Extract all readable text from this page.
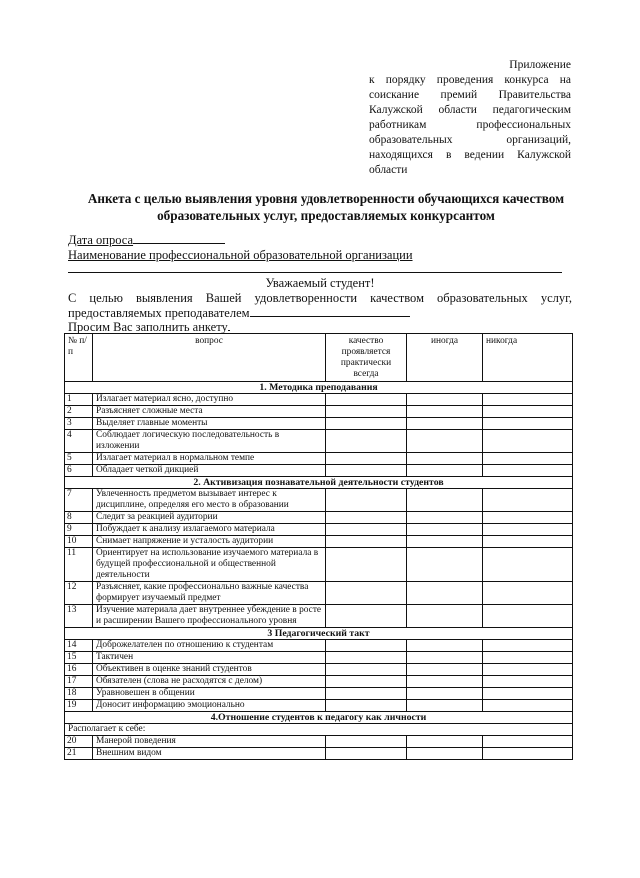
Приложение
к порядку проведения конкурса на
соискание премий Правительства
Калужской области педагогическим
работникам профессиональных
образовательных организаций,
находящихся в ведении Калужской
области
Анкета с целью выявления уровня удовлетворенности обучающихся качеством
образовательных услуг, предоставляемых конкурсантом
Дата опроса
Наименование профессиональной образовательной организации
Уважаемый студент!
С целью выявления Вашей удовлетворенности качеством образовательных услуг,
предоставляемых преподавателем
Просим Вас заполнить анкету
№ п/п	вопрос	качество проявляется практически всегда	иногда	никогда
1. Методика преподавания				
1	Излагает материал ясно, доступно			
2	Разъясняет сложные места			
3	Выделяет главные моменты			
4	Соблюдает логическую последовательность в изложении			
5	Излагает материал в нормальном темпе			
6	Обладает четкой дикцией			
2. Активизация познавательной деятельности студентов				
7	Увлеченность предметом вызывает интерес к дисциплине, определяя его место в образовании			
8	Следит за реакцией аудитории			
9	Побуждает к анализу излагаемого материала			
10	Снимает напряжение и усталость аудитории			
11	Ориентирует на использование изучаемого материала в будущей профессиональной и общественной деятельности			
12	Разъясняет, какие профессионально важные качества формирует изучаемый предмет			
13	Изучение материала дает внутреннее убеждение в росте и расширении Вашего профессионального уровня			
3 Педагогический такт				
14	Доброжелателен по отношению к студентам			
15	Тактичен			
16	Объективен в оценке знаний студентов			
17	Обязателен (слова не расходятся с делом)			
18	Уравновешен в общении			
19	Доносит информацию эмоционально			
4.Отношение студентов к педагогу как личности				
Располагает к себе:				
20	Манерой поведения			
21	Внешним видом			
